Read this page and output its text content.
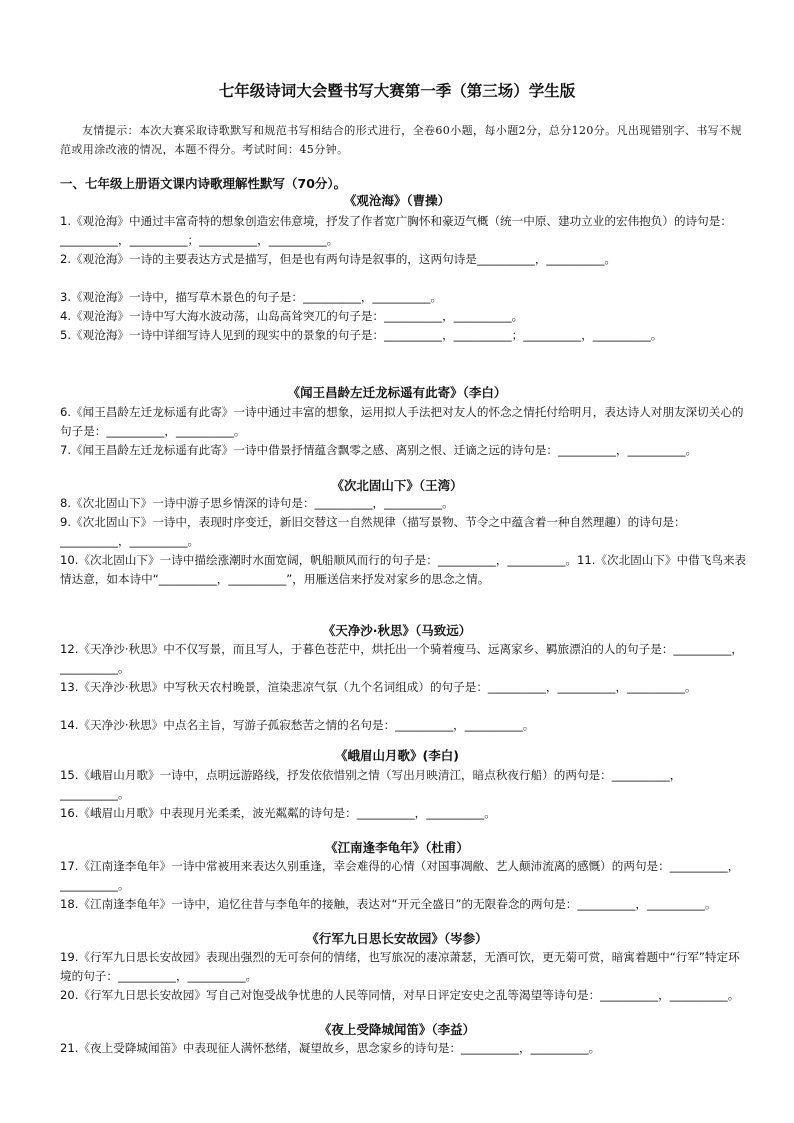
七年级诗词大会暨书写大赛第一季（第三场）学生版
友情提示：本次大赛采取诗歌默写和规范书写相结合的形式进行，全卷60小题，每小题2分，总分120分。凡出现错别字、书写不规范或用涂改液的情况，本题不得分。考试时间：45分钟。
一、七年级上册语文课内诗歌理解性默写（70分）。
《观沧海》（曹操）
1.《观沧海》中通过丰富奇特的想象创造宏伟意境，抒发了作者宽广胸怀和豪迈气概（统一中原、建功立业的宏伟抱负）的诗句是：__________，__________；__________，__________。
2.《观沧海》一诗的主要表达方式是描写，但是也有两句诗是叙事的，这两句诗是__________，__________。
3.《观沧海》一诗中，描写草木景色的句子是：__________，__________。
4.《观沧海》一诗中写大海水波动荡，山岛高耸突兀的句子是：__________，__________。
5.《观沧海》一诗中详细写诗人见到的现实中的景象的句子是：__________，__________；__________，__________。
《闻王昌龄左迁龙标遥有此寄》（李白）
6.《闻王昌龄左迁龙标遥有此寄》一诗中通过丰富的想象，运用拟人手法把对友人的怀念之情托付给明月，表达诗人对朋友深切关心的句子是：__________，__________。
7.《闻王昌龄左迁龙标遥有此寄》一诗中借景抒情蕴含飘零之感、离别之恨、迁谪之远的诗句是：__________，__________。
《次北固山下》（王湾）
8.《次北固山下》一诗中游子思乡情深的诗句是：__________，__________。
9.《次北固山下》一诗中，表现时序变迁，新旧交替这一自然规律（描写景物、节令之中蕴含着一种自然理趣）的诗句是：__________，__________。
10.《次北固山下》一诗中描绘涨潮时水面宽阔，帆船顺风而行的句子是：__________，__________。11.《次北固山下》中借飞鸟来表情达意，如本诗中“__________，__________”，用雁送信来抒发对家乡的思念之情。
《天净沙·秋思》（马致远）
12.《天净沙·秋思》中不仅写景，而且写人，于暮色苍茫中，烘托出一个骑着瘦马、远离家乡、羁旅漂泊的人的句子是：__________，__________。
13.《天净沙·秋思》中写秋天农村晚景，渲染悲凉气氛（九个名词组成）的句子是：__________，__________，__________。
14.《天净沙·秋思》中点名主旨，写游子孤寂愁苦之情的名句是：__________，__________。
《峨眉山月歌》(李白)
15.《峨眉山月歌》一诗中，点明远游路线，抒发依依惜别之情（写出月映清江，暗点秋夜行船）的两句是：__________，__________。
16.《峨眉山月歌》中表现月光柔柔，波光粼粼的诗句是：__________，__________。
《江南逢李龟年》（杜甫）
17.《江南逢李龟年》一诗中常被用来表达久别重逢，幸会难得的心情（对国事凋敝、艺人颠沛流离的感慨）的两句是：__________，__________。
18.《江南逢李龟年》一诗中，追忆往昔与李龟年的接触，表达对“开元全盛日”的无限眷念的两句是：__________，__________。
《行军九日思长安故园》（岑参）
19.《行军九日思长安故园》表现出强烈的无可奈何的情绪，也写旅况的凄凉萧瑟，无酒可饮，更无菊可赏，暗寓着题中“行军”特定环境的句子：__________，__________。
20.《行军九日思长安故园》写自己对饱受战争忧患的人民等同情，对早日评定安史之乱等渴望等诗句是：__________，__________。
《夜上受降城闻笛》（李益）
21.《夜上受降城闻笛》中表现征人满怀愁绪，凝望故乡，思念家乡的诗句是：__________，__________。
